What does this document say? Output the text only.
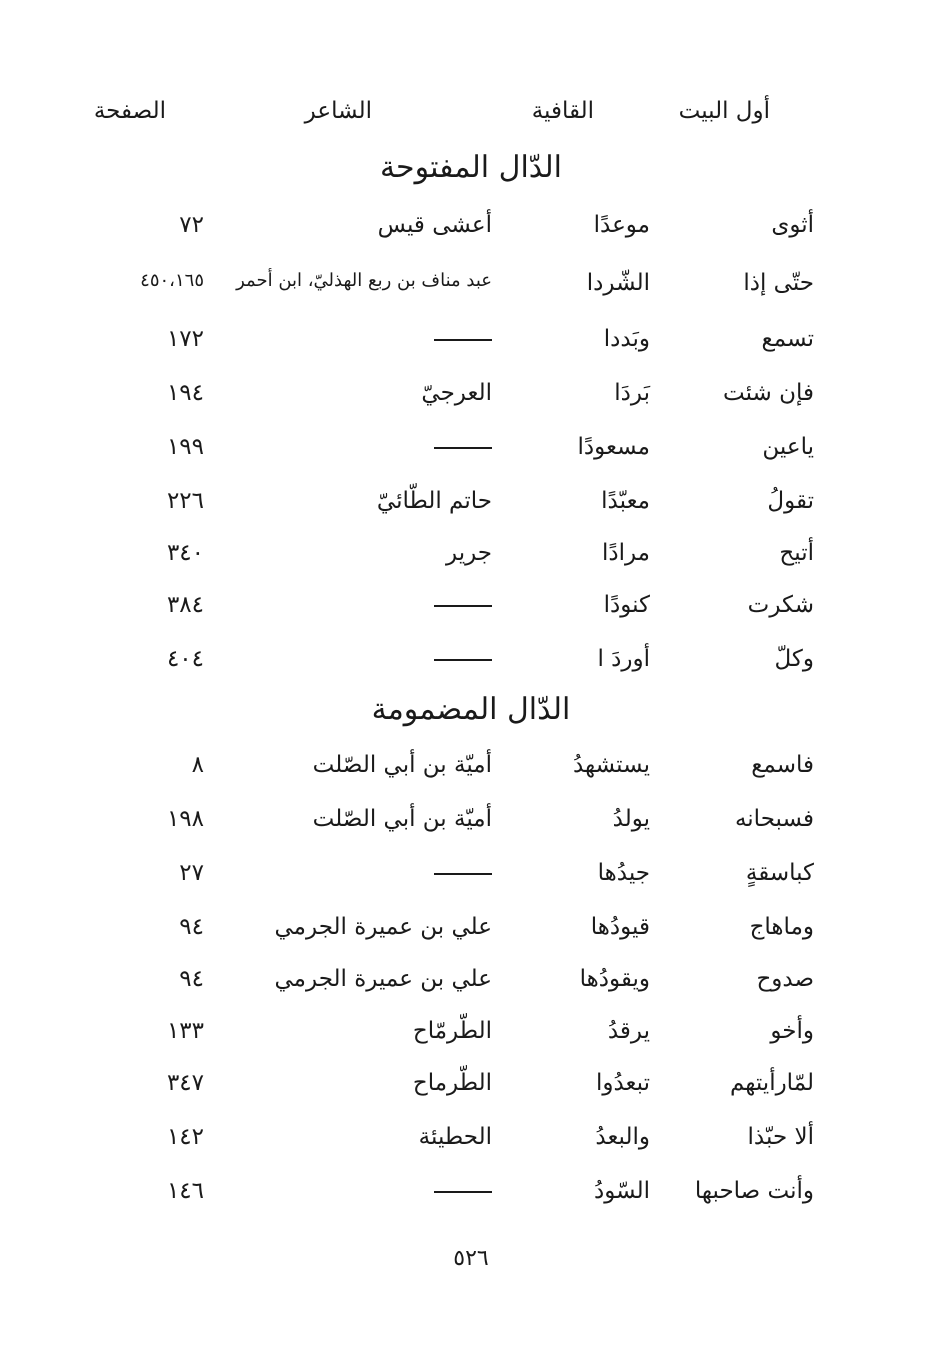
أول البيت
القافية
الشاعر
الصفحة
الدّال المفتوحة
أثوى
موعدًا
أعشى قيس
٧٢
حتّى إذا
الشّردا
عبد مناف بن ربع الهذليّ، ابن أحمر
٤٥٠،١٦٥
تسمع
وبَددا
١٧٢
فإن شئت
بَردَا
العرجيّ
١٩٤
ياعين
مسعودًا
١٩٩
تقولُ
معبّدًا
حاتم الطّائيّ
٢٢٦
أتيح
مرادًا
جرير
٣٤٠
شكرت
كنودًا
٣٨٤
وكلّ
أوردَ ا
٤٠٤
الدّال المضمومة
فاسمع
يستشهدُ
أميّة بن أبي الصّلت
٨
فسبحانه
يولدُ
أميّة بن أبي الصّلت
١٩٨
كباسقةٍ
جيدُها
٢٧
وماهاج
قيودُها
علي بن عميرة الجرمي
٩٤
صدوح
ويقودُها
علي بن عميرة الجرمي
٩٤
وأخو
يرقدُ
الطّرمّاح
١٣٣
لمّارأيتهم
تبعدُوا
الطّرماح
٣٤٧
ألا حبّذا
والبعدُ
الحطيئة
١٤٢
وأنت صاحبها
السّودُ
١٤٦
٥٢٦
